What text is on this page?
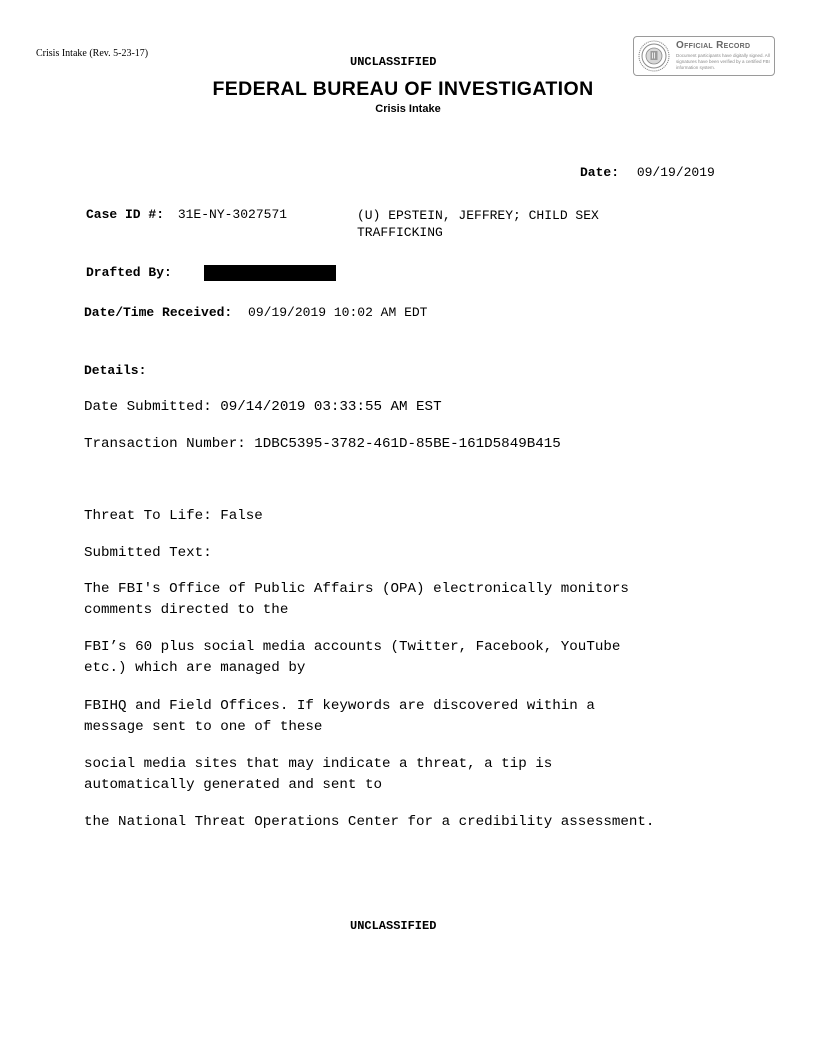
Crisis Intake (Rev. 5-23-17)
UNCLASSIFIED
FEDERAL BUREAU OF INVESTIGATION
Crisis Intake
Official Record
Document participants have digitally signed. All signatures have been verified by a certified FBI information system.
Date: 09/19/2019
Case ID #: 31E-NY-3027571	(U) EPSTEIN, JEFFREY; CHILD SEX
TRAFFICKING
Drafted By:
Date/Time Received: 09/19/2019 10:02 AM EDT
Details:
Date Submitted: 09/14/2019 03:33:55 AM EST
Transaction Number: 1DBC5395-3782-461D-85BE-161D5849B415
Threat To Life: False
Submitted Text:
The FBI's Office of Public Affairs (OPA) electronically monitors
comments directed to the
FBI’s 60 plus social media accounts (Twitter, Facebook, YouTube
etc.) which are managed by
FBIHQ and Field Offices. If keywords are discovered within a
message sent to one of these
social media sites that may indicate a threat, a tip is
automatically generated and sent to
the National Threat Operations Center for a credibility assessment.
UNCLASSIFIED
